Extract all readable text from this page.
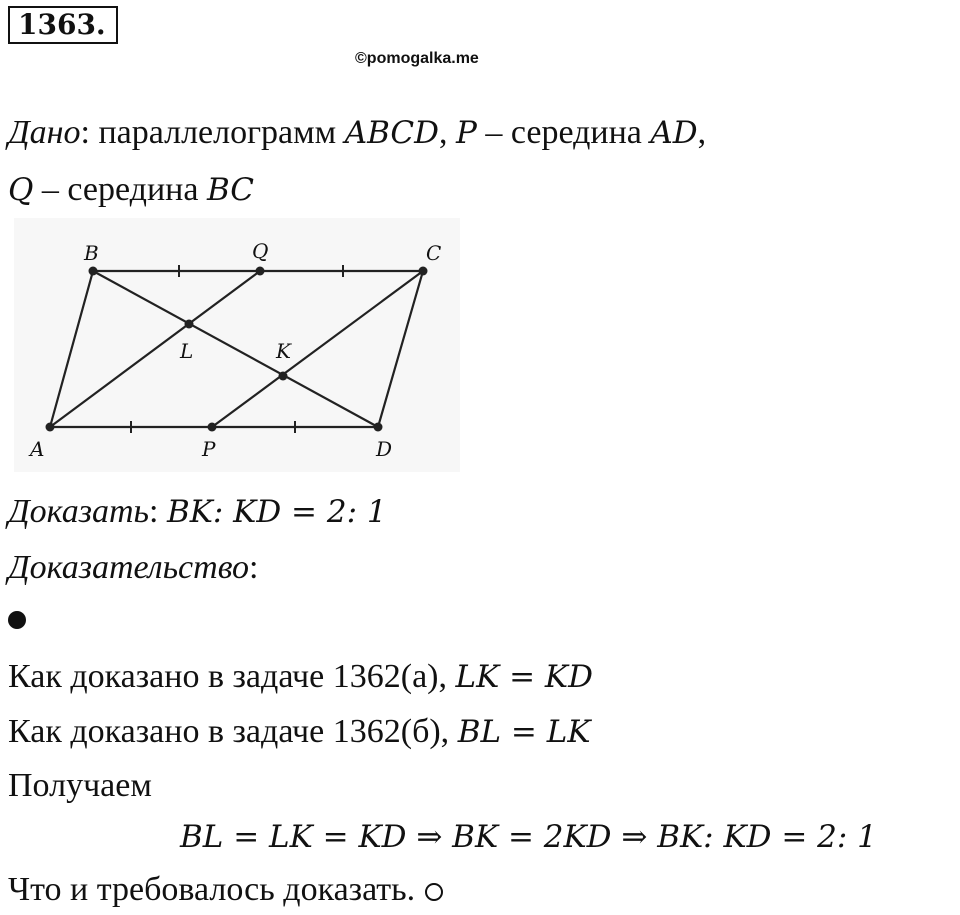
1363.
©pomogalka.me
Дано: параллелограмм ABCD, P – середина AD,
Q – середина BC
B	Q	C
L	K
A	P	D
Доказать: BK: KD = 2: 1
Доказательство:
Как доказано в задаче 1362(а), LK = KD
Как доказано в задаче 1362(б), BL = LK
Получаем
BL = LK = KD ⇒ BK = 2KD ⇒ BK: KD = 2: 1
Что и требовалось доказать.
